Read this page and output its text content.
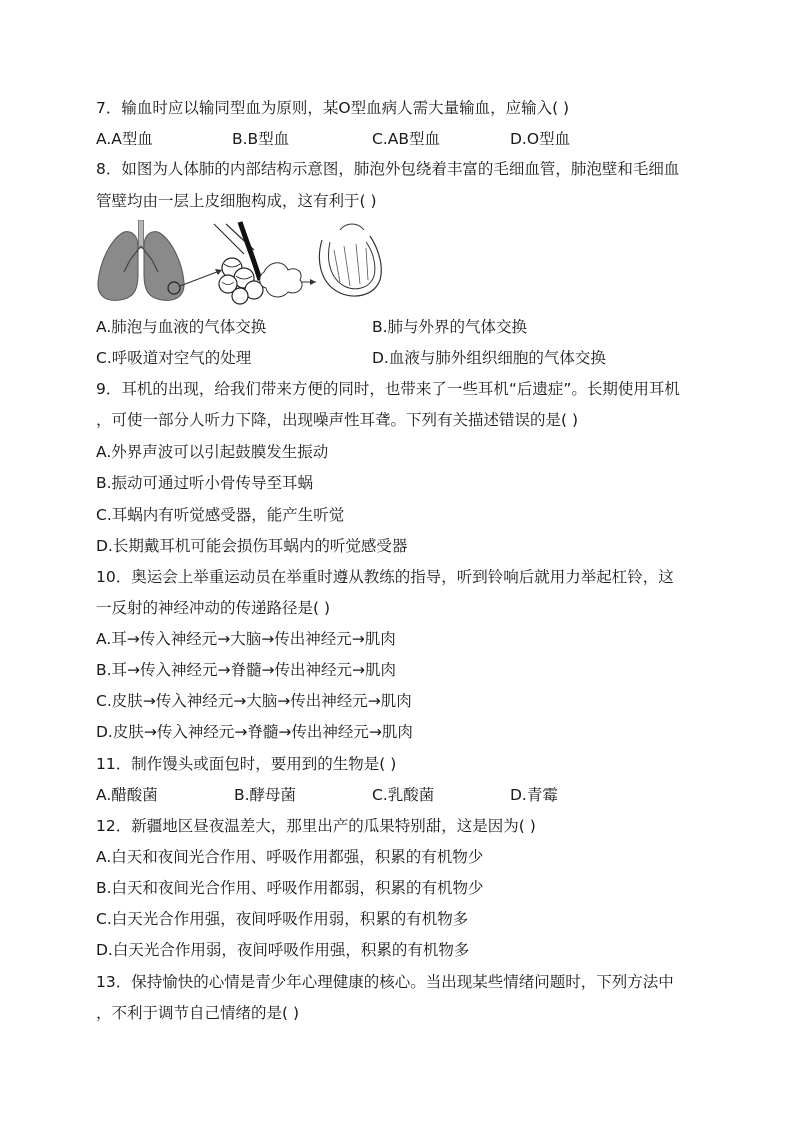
7．输血时应以输同型血为原则，某O型血病人需大量输血，应输入( )
A.A型血	B.B型血	C.AB型血	D.O型血
8．如图为人体肺的内部结构示意图，肺泡外包绕着丰富的毛细血管，肺泡壁和毛细血
管壁均由一层上皮细胞构成，这有利于( )
A.肺泡与血液的气体交换	B.肺与外界的气体交换
C.呼吸道对空气的处理	D.血液与肺外组织细胞的气体交换
9．耳机的出现，给我们带来方便的同时，也带来了一些耳机“后遗症”。长期使用耳机
，可使一部分人听力下降，出现噪声性耳聋。下列有关描述错误的是( )
A.外界声波可以引起鼓膜发生振动
B.振动可通过听小骨传导至耳蜗
C.耳蜗内有听觉感受器，能产生听觉
D.长期戴耳机可能会损伤耳蜗内的听觉感受器
10．奥运会上举重运动员在举重时遵从教练的指导，听到铃响后就用力举起杠铃，这
一反射的神经冲动的传递路径是( )
A.耳→传入神经元→大脑→传出神经元→肌肉
B.耳→传入神经元→脊髓→传出神经元→肌肉
C.皮肤→传入神经元→大脑→传出神经元→肌肉
D.皮肤→传入神经元→脊髓→传出神经元→肌肉
11．制作馒头或面包时，要用到的生物是( )
A.醋酸菌	B.酵母菌	C.乳酸菌	D.青霉
12．新疆地区昼夜温差大，那里出产的瓜果特别甜，这是因为( )
A.白天和夜间光合作用、呼吸作用都强，积累的有机物少
B.白天和夜间光合作用、呼吸作用都弱，积累的有机物少
C.白天光合作用强，夜间呼吸作用弱，积累的有机物多
D.白天光合作用弱，夜间呼吸作用强，积累的有机物多
13．保持愉快的心情是青少年心理健康的核心。当出现某些情绪问题时，下列方法中
，不利于调节自己情绪的是( )
